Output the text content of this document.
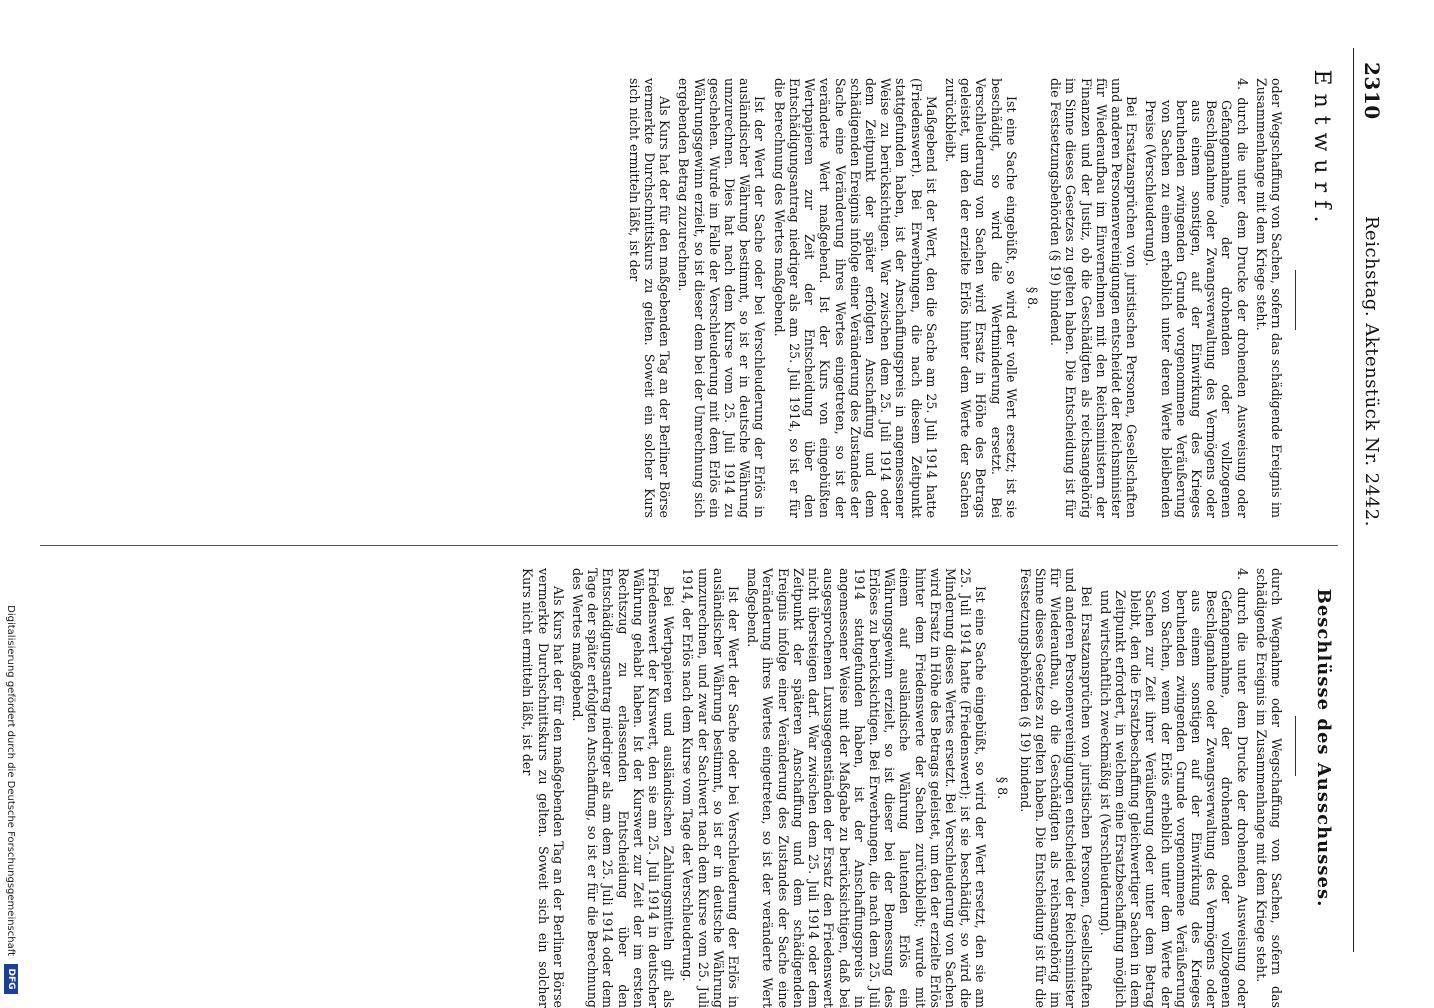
2310
Reichstag. Aktenstück Nr. 2442.
Entwurf.
Beschlüsse des Ausschusses.

oder Wegschaffung von Sachen, sofern das schädigende Ereignis im Zusammenhange mit dem Kriege steht.

4. durch die unter dem Drucke der drohenden Ausweisung oder Gefangennahme, der drohenden oder vollzogenen Beschlagnahme oder Zwangsverwaltung des Vermögens oder aus einem sonstigen, auf der Einwirkung des Krieges beruhenden zwingenden Grunde vorgenommene Veräußerung von Sachen zu einem erheblich unter deren Werte bleibenden Preise (Verschleuderung).

Bei Ersatzansprüchen von juristischen Personen, Gesellschaften und anderen Personenvereinigungen entscheidet der Reichsminister für Wiederaufbau im Einvernehmen mit den Reichsministern der Finanzen und der Justiz, ob die Geschädigten als reichsangehörig im Sinne dieses Gesetzes zu gelten haben. Die Entscheidung ist für die Festsetzungsbehörden (§ 19) bindend.

§ 8.

Ist eine Sache eingebüßt, so wird der volle Wert ersetzt; ist sie beschädigt, so wird die Wertminderung ersetzt. Bei Verschleuderung von Sachen wird Ersatz in Höhe des Betrags geleistet, um den der erzielte Erlös hinter dem Werte der Sachen zurückbleibt.

Maßgebend ist der Wert, den die Sache am 25. Juli 1914 hatte (Friedenswert). Bei Erwerbungen, die nach diesem Zeitpunkt stattgefunden haben, ist der Anschaffungspreis in angemessener Weise zu berücksichtigen. War zwischen dem 25. Juli 1914 oder dem Zeitpunkt der später erfolgten Anschaffung und dem schädigenden Ereignis infolge einer Veränderung des Zustandes der Sache eine Veränderung ihres Wertes eingetreten, so ist der veränderte Wert maßgebend. Ist der Kurs von eingebüßten Wertpapieren zur Zeit der Entscheidung über den Entschädigungsantrag niedriger als am 25. Juli 1914, so ist er für die Berechnung des Wertes maßgebend.

Ist der Wert der Sache oder bei Verschleuderung der Erlös in ausländischer Währung bestimmt, so ist er in deutsche Währung umzurechnen. Dies hat nach dem Kurse vom 25. Juli 1914 zu geschehen. Wurde im Falle der Verschleuderung mit dem Erlös ein Währungsgewinn erzielt, so ist dieser dem bei der Umrechnung sich ergebenden Betrag zuzurechnen.

Als Kurs hat der für den maßgebenden Tag an der Berliner Börse vermerkte Durchschnittskurs zu gelten. Soweit ein solcher Kurs sich nicht ermitteln läßt, ist der

durch Wegnahme oder Wegschaffung von Sachen, sofern das schädigende Ereignis im Zusammenhange mit dem Kriege steht.

4. durch die unter dem Drucke der drohenden Ausweisung oder Gefangennahme, der drohenden oder vollzogenen Beschlagnahme oder Zwangsverwaltung des Vermögens oder aus einem sonstigen auf der Einwirkung des Krieges beruhenden zwingenden Grunde vorgenommene Veräußerung von Sachen, wenn der Erlös erheblich unter dem Werte der Sachen zur Zeit ihrer Veräußerung oder unter dem Betrag bleibt, den die Ersatzbeschaffung gleichwertiger Sachen in dem Zeitpunkt erfordert, in welchem eine Ersatzbeschaffung möglich und wirtschaftlich zweckmäßig ist (Verschleuderung).

Bei Ersatzansprüchen von juristischen Personen, Gesellschaften und anderen Personenvereinigungen entscheidet der Reichsminister für Wiederaufbau, ob die Geschädigten als reichsangehörig im Sinne dieses Gesetzes zu gelten haben. Die Entscheidung ist für die Festsetzungsbehörden (§ 19) bindend.

§ 8.

Ist eine Sache eingebüßt, so wird der Wert ersetzt, den sie am 25. Juli 1914 hatte (Friedenswert); ist sie beschädigt, so wird die Minderung dieses Wertes ersetzt. Bei Verschleuderung von Sachen wird Ersatz in Höhe des Betrags geleistet, um den der erzielte Erlös hinter dem Friedenswerte der Sachen zurückbleibt; wurde mit einem auf ausländische Währung lautenden Erlös ein Währungsgewinn erzielt, so ist dieser bei der Bemessung des Erlöses zu berücksichtigen. Bei Erwerbungen, die nach dem 25. Juli 1914 stattgefunden haben, ist der Anschaffungspreis in angemessener Weise mit der Maßgabe zu berücksichtigen, daß bei ausgesprochenen Luxusgegenständen der Ersatz den Friedenswert nicht übersteigen darf. War zwischen dem 25. Juli 1914 oder dem Zeitpunkt der späteren Anschaffung und dem schädigenden Ereignis infolge einer Veränderung des Zustandes der Sache eine Veränderung ihres Wertes eingetreten, so ist der veränderte Wert maßgebend.

Ist der Wert der Sache oder bei Verschleuderung der Erlös in ausländischer Währung bestimmt, so ist er in deutsche Währung umzurechnen, und zwar der Sachwert nach dem Kurse vom 25. Juli 1914, der Erlös nach dem Kurse vom Tage der Verschleuderung.

Bei Wertpapieren und ausländischen Zahlungsmitteln gilt als Friedenswert der Kurswert, den sie am 25. Juli 1914 in deutscher Währung gehabt haben. Ist der Kurswert zur Zeit der im ersten Rechtszug zu erlassenden Entscheidung über den Entschädigungsantrag niedriger als am dem 25. Juli 1914 oder dem Tage der später erfolgten Anschaffung, so ist er für die Berechnung des Wertes maßgebend.

Als Kurs hat der für den maßgebenden Tag an der Berliner Börse vermerkte Durchschnittskurs zu gelten. Soweit sich ein solcher Kurs nicht ermitteln läßt, ist der

Digitalisierung gefördert durch die Deutsche Forschungsgemeinschaft
DFG
